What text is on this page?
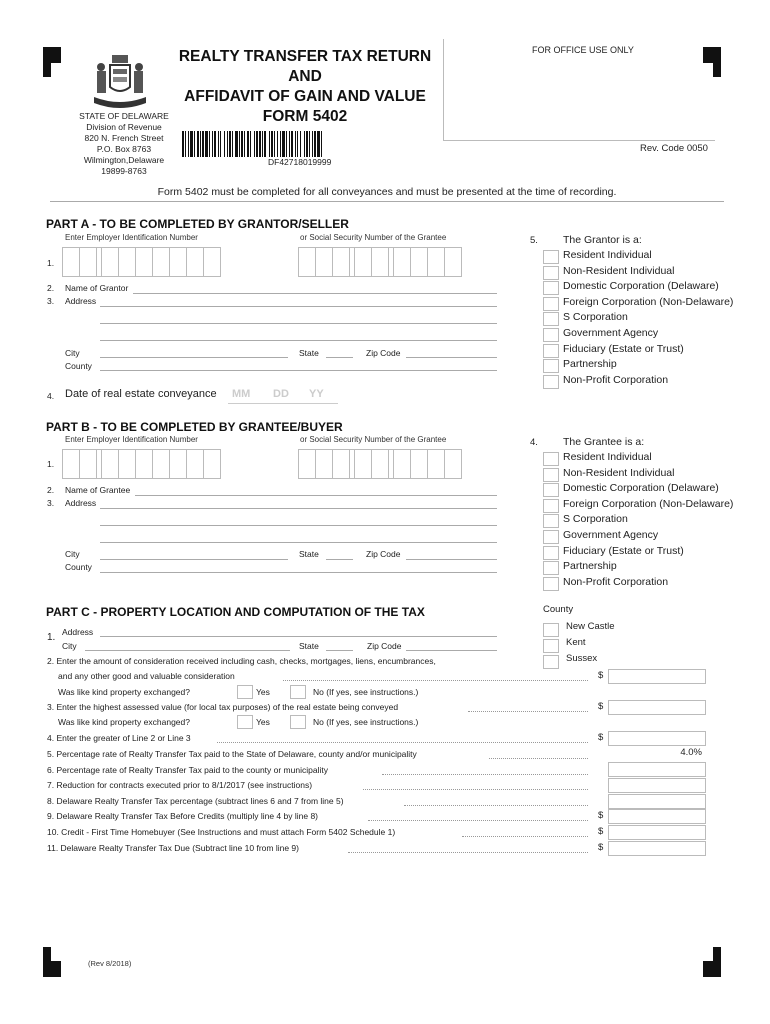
REALTY TRANSFER TAX RETURN
AND
AFFIDAVIT OF GAIN AND VALUE
FORM 5402
STATE OF DELAWARE
Division of Revenue
820 N. French Street
P.O. Box 8763
Wilmington,Delaware
19899-8763
DF42718019999
FOR OFFICE USE ONLY
Rev. Code 0050
Form 5402 must be completed for all conveyances and must be presented at the time of recording.
PART A - TO BE COMPLETED BY GRANTOR/SELLER
Enter Employer Identification Number	or Social Security Number of the Grantee
1.
2. Name of Grantor
3. Address
City	State	Zip Code
County
4. Date of real estate conveyance MM DD YY
5. The Grantor is a:
Resident Individual
Non-Resident Individual
Domestic Corporation (Delaware)
Foreign Corporation (Non-Delaware)
S Corporation
Government Agency
Fiduciary (Estate or Trust)
Partnership
Non-Profit Corporation
PART B - TO BE COMPLETED BY GRANTEE/BUYER
Enter Employer Identification Number	or Social Security Number of the Grantee
1.
2. Name of Grantee
3. Address
City	State	Zip Code
County
4. The Grantee is a:
Resident Individual
Non-Resident Individual
Domestic Corporation (Delaware)
Foreign Corporation (Non-Delaware)
S Corporation
Government Agency
Fiduciary (Estate or Trust)
Partnership
Non-Profit Corporation
PART C - PROPERTY LOCATION AND COMPUTATION OF THE TAX	County
New Castle
Kent
Sussex
1. Address
City	State	Zip Code
2. Enter the amount of consideration received including cash, checks, mortgages, liens, encumbrances,
and any other good and valuable consideration	$
Was like kind property exchanged?	Yes	No (If yes, see instructions.)
3. Enter the highest assessed value (for local tax purposes) of the real estate being conveyed	$
Was like kind property exchanged?	Yes	No (If yes, see instructions.)
4. Enter the greater of Line 2 or Line 3	$
5. Percentage rate of Realty Transfer Tax paid to the State of Delaware, county and/or municipality	4.0%
6. Percentage rate of Realty Transfer Tax paid to the county or municipality
7. Reduction for contracts executed prior to 8/1/2017 (see instructions)
8. Delaware Realty Transfer Tax percentage (subtract lines 6 and 7 from line 5)
9. Delaware Realty Transfer Tax Before Credits (multiply line 4 by line 8)	$
10. Credit - First Time Homebuyer (See Instructions and must attach Form 5402 Schedule 1)	$
11. Delaware Realty Transfer Tax Due (Subtract line 10 from line 9)	$
(Rev 8/2018)
